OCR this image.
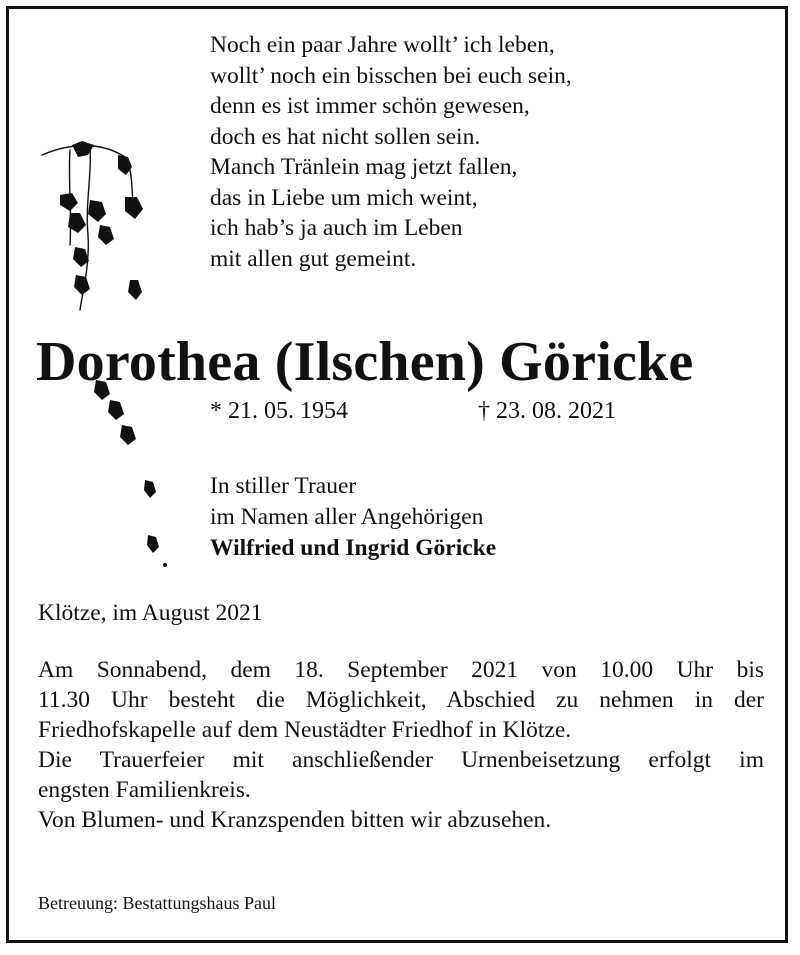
Noch ein paar Jahre wollt’ ich leben,
wollt’ noch ein bisschen bei euch sein,
denn es ist immer schön gewesen,
doch es hat nicht sollen sein.
Manch Tränlein mag jetzt fallen,
das in Liebe um mich weint,
ich hab’s ja auch im Leben
mit allen gut gemeint.
Dorothea (Ilschen) Göricke
* 21. 05. 1954	† 23. 08. 2021
In stiller Trauer
im Namen aller Angehörigen
Wilfried und Ingrid Göricke
Klötze, im August 2021
Am Sonnabend, dem 18. September 2021 von 10.00 Uhr bis
11.30 Uhr besteht die Möglichkeit, Abschied zu nehmen in der
Friedhofskapelle auf dem Neustädter Friedhof in Klötze.
Die Trauerfeier mit anschließender Urnenbeisetzung erfolgt im
engsten Familienkreis.
Von Blumen- und Kranzspenden bitten wir abzusehen.
Betreuung: Bestattungshaus Paul
